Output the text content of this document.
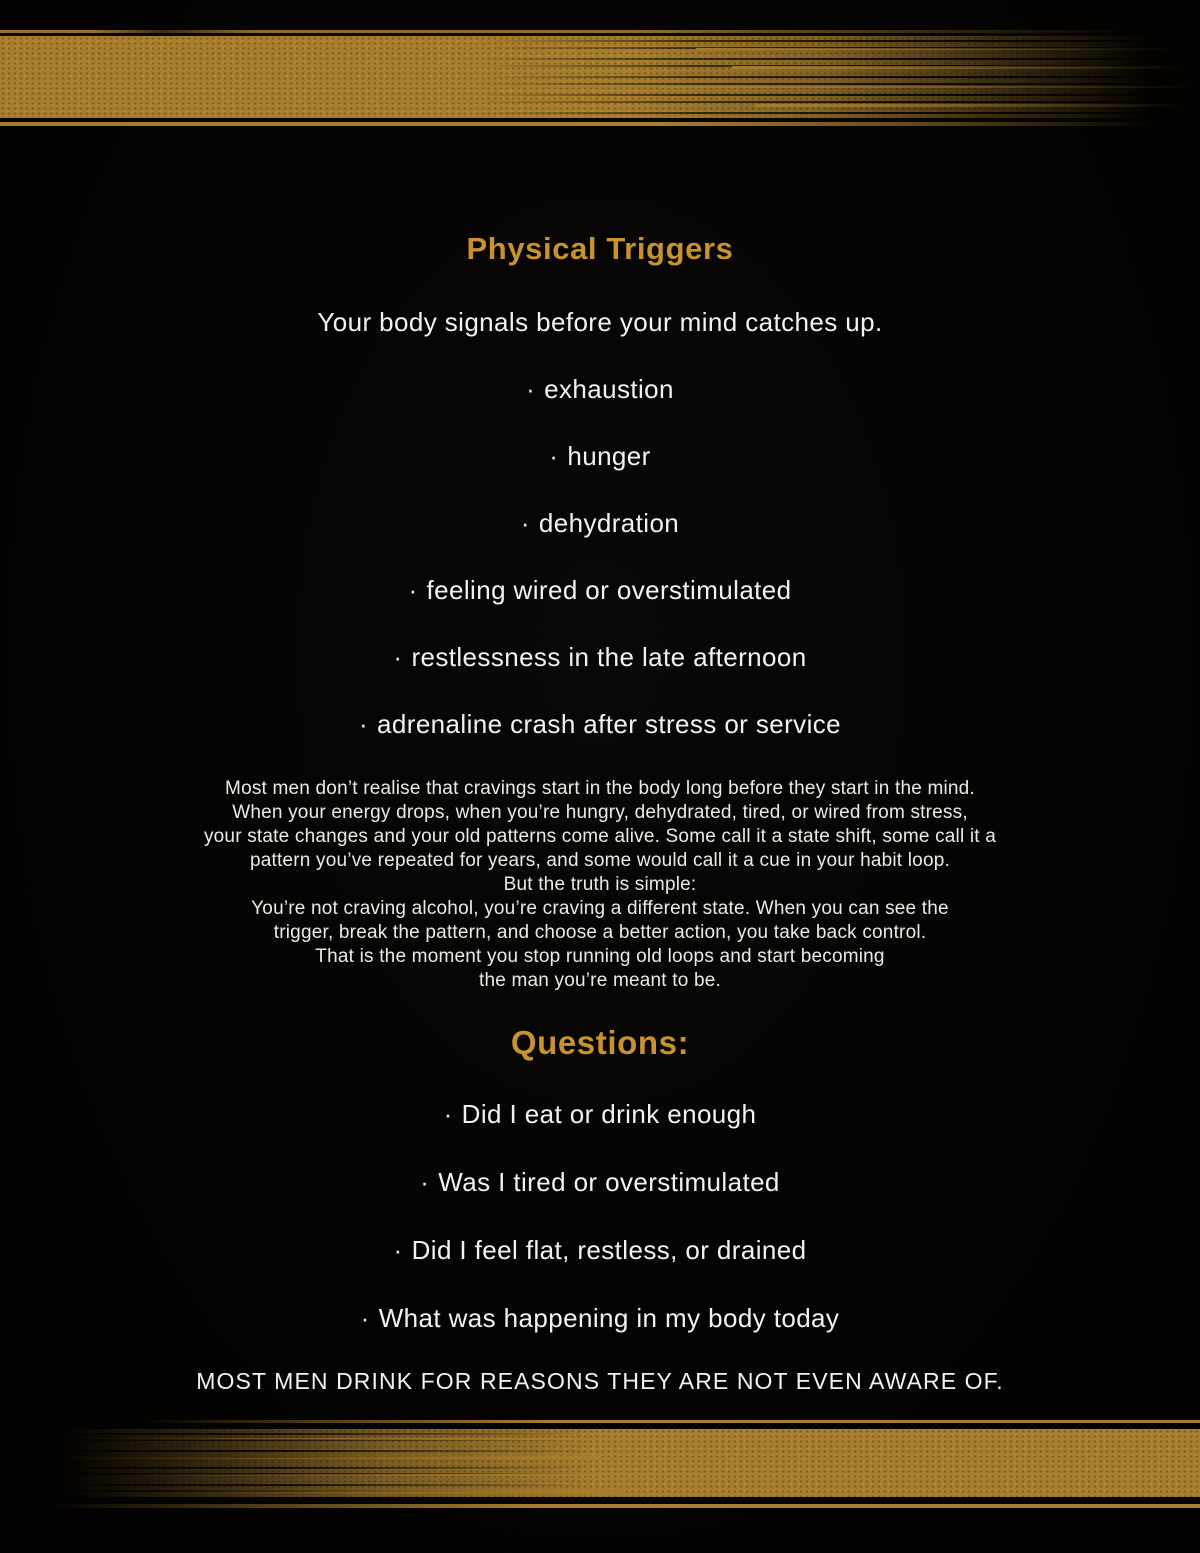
Physical Triggers

Your body signals before your mind catches up.

· exhaustion
· hunger
· dehydration
· feeling wired or overstimulated
· restlessness in the late afternoon
· adrenaline crash after stress or service
Most men don’t realise that cravings start in the body long before they start in the mind.
When your energy drops, when you’re hungry, dehydrated, tired, or wired from stress,
your state changes and your old patterns come alive. Some call it a state shift, some call it a
pattern you’ve repeated for years, and some would call it a cue in your habit loop.
But the truth is simple:
You’re not craving alcohol, you’re craving a different state. When you can see the
trigger, break the pattern, and choose a better action, you take back control.
That is the moment you stop running old loops and start becoming
the man you’re meant to be.
Questions:
· Did I eat or drink enough
· Was I tired or overstimulated
· Did I feel flat, restless, or drained
· What was happening in my body today

MOST MEN DRINK FOR REASONS THEY ARE NOT EVEN AWARE OF.
